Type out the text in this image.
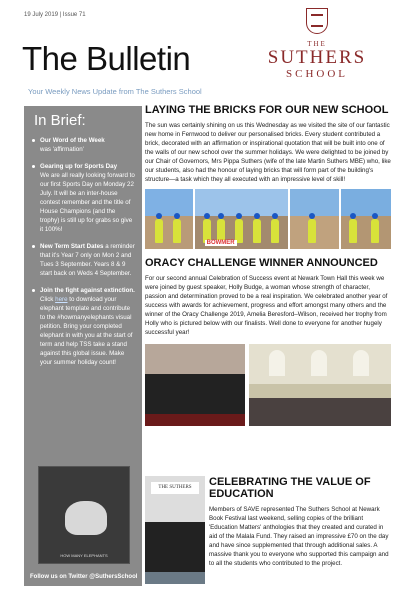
19 July 2019 | Issue 71
The Bulletin
Your Weekly News Update from The Suthers School
THE
SUTHERS
SCHOOL
In Brief:
Our Word of the Week
was 'affirmation'
Gearing up for Sports Day
We are all really looking forward to our first Sports Day on Monday 22 July. It will be an inter-house contest remember and the title of House Champions (and the trophy) is still up for grabs so give it 100%!
New Term Start Dates a reminder that it's Year 7 only on Mon 2 and Tues 3 September. Years 8 & 9 start back on Weds 4 September.
Join the fight against extinction. Click here to download your elephant template and contribute to the #howmanyelephants visual petition. Bring your completed elephant in with you at the start of term and help TSS take a stand against this global issue. Make your summer holiday count!
HOW MANY ELEPHANTS
Follow us on Twitter @SuthersSchool
LAYING THE BRICKS FOR OUR NEW SCHOOL

The sun was certainly shining on us this Wednesday as we visited the site of our fantastic new home in Fernwood to deliver our personalised bricks. Every student contributed a brick, decorated with an affirmation or inspirational quotation that will be built into one of the walls of our new school over the summer holidays. We were delighted to be joined by our Chair of Governors, Mrs Pippa Suthers (wife of the late Martin Suthers MBE) who, like our students, also had the honour of laying bricks that will form part of the building's structure—a task which they all executed with an impressive level of skill!

BOWMER
ORACY CHALLENGE WINNER ANNOUNCED

For our second annual Celebration of Success event at Newark Town Hall this week we were joined by guest speaker, Holly Budge, a woman whose strength of character, passion and determination proved to be a real inspiration. We celebrated another year of success with awards for achievement, progress and effort amongst many others and the winner of the Oracy Challenge 2019, Amelia Beresford–Wilson, received her trophy from Holly who is pictured below with our finalists. Well done to everyone for another hugely successful year!

THE SUTHERS	CELEBRATING THE VALUE OF EDUCATION

Members of SAVE represented The Suthers School at Newark Book Festival last weekend, selling copies of the brilliant 'Education Matters' anthologies that they created and curated in aid of the Malala Fund. They raised an impressive £70 on the day and have since supplemented that through additional sales. A massive thank you to everyone who supported this campaign and to all the students who contributed to the project.
